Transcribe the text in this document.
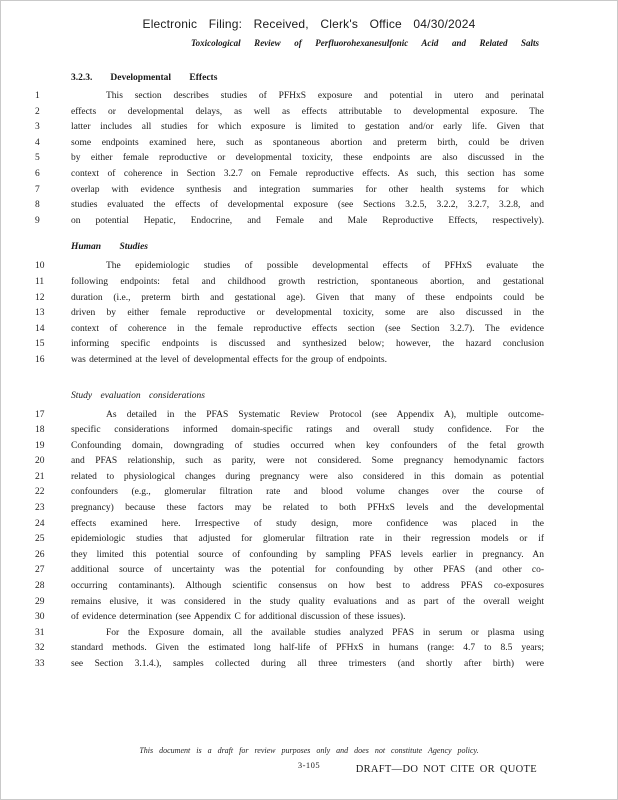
Electronic Filing: Received, Clerk's Office 04/30/2024
Toxicological Review of Perfluorohexanesulfonic Acid and Related Salts
3.2.3. Developmental Effects
1	This section describes studies of PFHxS exposure and potential in utero and perinatal
2	effects or developmental delays, as well as effects attributable to developmental exposure. The
3	latter includes all studies for which exposure is limited to gestation and/or early life. Given that
4	some endpoints examined here, such as spontaneous abortion and preterm birth, could be driven
5	by either female reproductive or developmental toxicity, these endpoints are also discussed in the
6	context of coherence in Section 3.2.7 on Female reproductive effects. As such, this section has some
7	overlap with evidence synthesis and integration summaries for other health systems for which
8	studies evaluated the effects of developmental exposure (see Sections 3.2.5, 3.2.2, 3.2.7, 3.2.8, and
9	on potential Hepatic, Endocrine, and Female and Male Reproductive Effects, respectively).
Human Studies
10	The epidemiologic studies of possible developmental effects of PFHxS evaluate the
11	following endpoints: fetal and childhood growth restriction, spontaneous abortion, and gestational
12	duration (i.e., preterm birth and gestational age). Given that many of these endpoints could be
13	driven by either female reproductive or developmental toxicity, some are also discussed in the
14	context of coherence in the female reproductive effects section (see Section 3.2.7). The evidence
15	informing specific endpoints is discussed and synthesized below; however, the hazard conclusion
16	was determined at the level of developmental effects for the group of endpoints.
Study evaluation considerations
17	As detailed in the PFAS Systematic Review Protocol (see Appendix A), multiple outcome-
18	specific considerations informed domain-specific ratings and overall study confidence. For the
19	Confounding domain, downgrading of studies occurred when key confounders of the fetal growth
20	and PFAS relationship, such as parity, were not considered. Some pregnancy hemodynamic factors
21	related to physiological changes during pregnancy were also considered in this domain as potential
22	confounders (e.g., glomerular filtration rate and blood volume changes over the course of
23	pregnancy) because these factors may be related to both PFHxS levels and the developmental
24	effects examined here. Irrespective of study design, more confidence was placed in the
25	epidemiologic studies that adjusted for glomerular filtration rate in their regression models or if
26	they limited this potential source of confounding by sampling PFAS levels earlier in pregnancy. An
27	additional source of uncertainty was the potential for confounding by other PFAS (and other co-
28	occurring contaminants). Although scientific consensus on how best to address PFAS co-exposures
29	remains elusive, it was considered in the study quality evaluations and as part of the overall weight
30	of evidence determination (see Appendix C for additional discussion of these issues).
31	For the Exposure domain, all the available studies analyzed PFAS in serum or plasma using
32	standard methods. Given the estimated long half-life of PFHxS in humans (range: 4.7 to 8.5 years;
33	see Section 3.1.4.), samples collected during all three trimesters (and shortly after birth) were
This document is a draft for review purposes only and does not constitute Agency policy.
3-105	DRAFT—DO NOT CITE OR QUOTE
